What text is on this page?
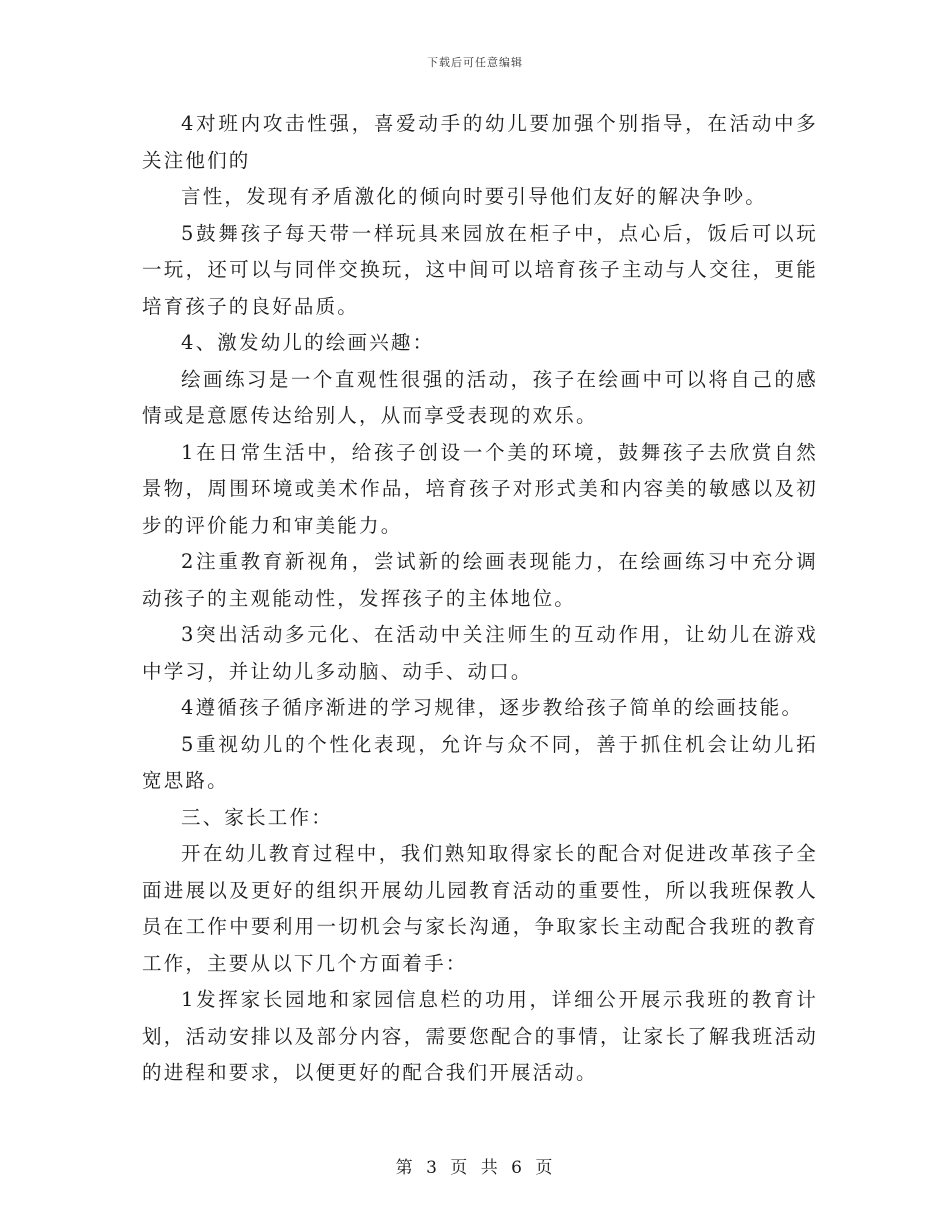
下载后可任意编辑

4对班内攻击性强，喜爱动手的幼儿要加强个别指导，在活动中多关注他们的

言性，发现有矛盾激化的倾向时要引导他们友好的解决争吵。

5鼓舞孩子每天带一样玩具来园放在柜子中，点心后，饭后可以玩一玩，还可以与同伴交换玩，这中间可以培育孩子主动与人交往，更能培育孩子的良好品质。

4、激发幼儿的绘画兴趣：

绘画练习是一个直观性很强的活动，孩子在绘画中可以将自己的感情或是意愿传达给别人，从而享受表现的欢乐。

1在日常生活中，给孩子创设一个美的环境，鼓舞孩子去欣赏自然景物，周围环境或美术作品，培育孩子对形式美和内容美的敏感以及初步的评价能力和审美能力。

2注重教育新视角，尝试新的绘画表现能力，在绘画练习中充分调动孩子的主观能动性，发挥孩子的主体地位。

3突出活动多元化、在活动中关注师生的互动作用，让幼儿在游戏中学习，并让幼儿多动脑、动手、动口。

4遵循孩子循序渐进的学习规律，逐步教给孩子简单的绘画技能。

5重视幼儿的个性化表现，允许与众不同，善于抓住机会让幼儿拓宽思路。

三、家长工作：

开在幼儿教育过程中，我们熟知取得家长的配合对促进改革孩子全面进展以及更好的组织开展幼儿园教育活动的重要性，所以我班保教人员在工作中要利用一切机会与家长沟通，争取家长主动配合我班的教育工作，主要从以下几个方面着手：

1发挥家长园地和家园信息栏的功用，详细公开展示我班的教育计划，活动安排以及部分内容，需要您配合的事情，让家长了解我班活动的进程和要求，以便更好的配合我们开展活动。

第 3 页 共 6 页
